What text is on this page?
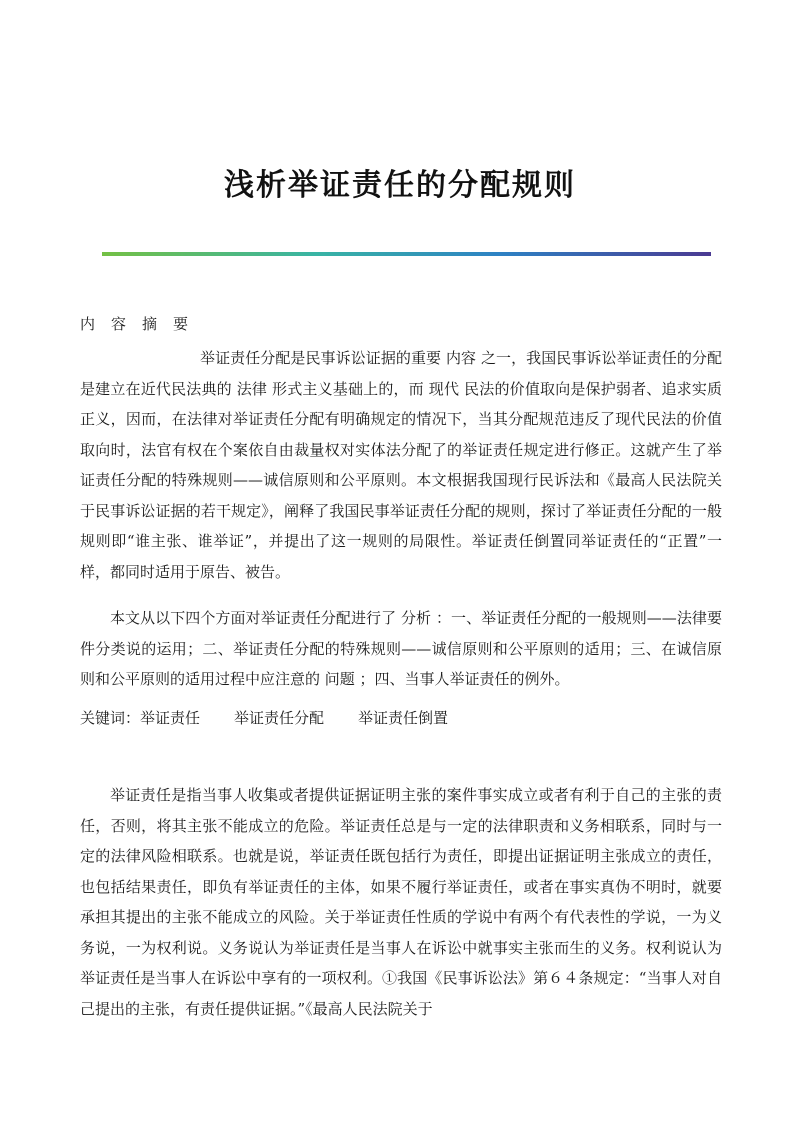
浅析举证责任的分配规则
内容摘要

举证责任分配是民事诉讼证据的重要 内容 之一，我国民事诉讼举证责任的分配是建立在近代民法典的 法律 形式主义基础上的，而 现代 民法的价值取向是保护弱者、追求实质正义，因而，在法律对举证责任分配有明确规定的情况下，当其分配规范违反了现代民法的价值取向时，法官有权在个案依自由裁量权对实体法分配了的举证责任规定进行修正。这就产生了举证责任分配的特殊规则——诚信原则和公平原则。本文根据我国现行民诉法和《最高人民法院关于民事诉讼证据的若干规定》，阐释了我国民事举证责任分配的规则，探讨了举证责任分配的一般规则即“谁主张、谁举证”，并提出了这一规则的局限性。举证责任倒置同举证责任的“正置”一样，都同时适用于原告、被告。

本文从以下四个方面对举证责任分配进行了 分析 ：一、举证责任分配的一般规则——法律要件分类说的运用；二、举证责任分配的特殊规则——诚信原则和公平原则的适用；三、在诚信原则和公平原则的适用过程中应注意的 问题 ；四、当事人举证责任的例外。

关键词：举证责任 举证责任分配 举证责任倒置

举证责任是指当事人收集或者提供证据证明主张的案件事实成立或者有利于自己的主张的责任，否则，将其主张不能成立的危险。举证责任总是与一定的法律职责和义务相联系，同时与一定的法律风险相联系。也就是说，举证责任既包括行为责任，即提出证据证明主张成立的责任，也包括结果责任，即负有举证责任的主体，如果不履行举证责任，或者在事实真伪不明时，就要承担其提出的主张不能成立的风险。关于举证责任性质的学说中有两个有代表性的学说，一为义务说，一为权利说。义务说认为举证责任是当事人在诉讼中就事实主张而生的义务。权利说认为举证责任是当事人在诉讼中享有的一项权利。①我国《民事诉讼法》第６４条规定：“当事人对自己提出的主张，有责任提供证据。”《最高人民法院关于
